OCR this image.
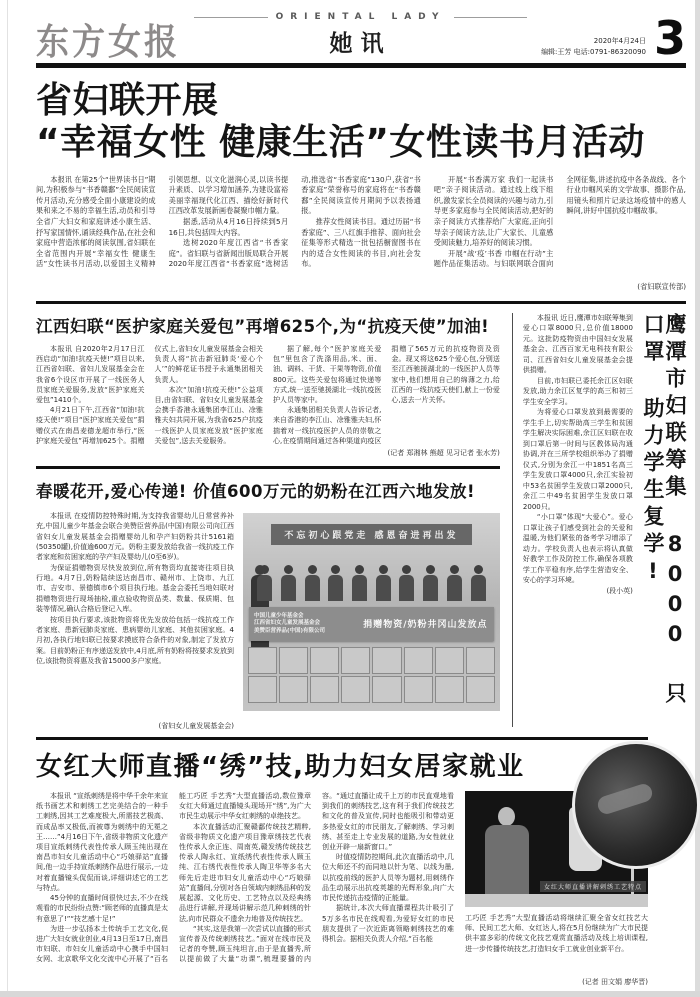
东方女报
ORIENTAL LADY
她讯	2020年4月24日
编辑:王芳 电话:0791-86320090 3
省妇联开展
“幸福女性 健康生活”女性读书月活动

本报讯 在第25个“世界读书日”期间,为积极参与“书香赣鄱”全民阅读宣传月活动,充分感受全面小康建设的成果和来之不易的幸福生活,动员和引导全省广大妇女和家庭讲述小康生活、抒写家国情怀,诵读经典作品,在社会和家庭中营造浓郁的阅读氛围,省妇联在全省范围内开展“幸福女性 健康生活”女性读书月活动,以爱国主义精神引领思想、以文化滋润心灵,以读书提升素质、以学习增加涵养,为建设富裕美丽幸福现代化江西、描绘好新时代江西改革发展新画卷凝聚巾帼力量。

据悉,活动从4月16日持续到5月16日,共包括四大内容。

选树2020年度江西省“书香家庭”。省妇联与省新闻出版局联合开展2020年度江西省“书香家庭”选树活动,推选省“书香家庭”130户,获省“书香家庭”荣誉称号的家庭将在“书香赣鄱”全民阅读宣传月期间予以表扬通报。

推荐女性阅读书目。通过历届“书香家庭”、三八红旗手推荐、面向社会征集等形式精选一批包括橱窗图书在内的适合女性阅读的书目,向社会发布。

开展“书香满万家 我们一起读书吧”亲子阅读活动。通过线上线下组织,激发家长全员阅读的兴趣与动力,引导更多家庭参与全民阅读活动,把好的亲子阅读方式推荐给广大家庭,正向引导亲子阅读方法,让广大家长、儿童感受阅读魅力,培养好的阅读习惯。

开展“战‘疫’书香 巾帼在行动”主题作品征集活动。与妇联网联合面向全网征集,讲述抗疫中各条战线、各个行业巾帼风采的文学故事、摄影作品,用镜头和照片记录这场疫情中的感人瞬间,讲好中国抗疫巾帼故事。

(省妇联宣传部)

江西妇联“医护家庭关爱包”再增625个,为“抗疫天使”加油!

本报讯 自2020年2月17日江西启动“加油!抗疫天使!”项目以来,江西省妇联、省妇儿发展基金会在我省6个设区市开展了一线医务人员家庭关爱服务,发放“医护家庭关爱包”1410个。

4月21日下午,江西省“加油!抗疫天使!”项目“医护家庭关爱包”捐赠仪式在南昌麦德龙超市举行,“医护家庭关爱包”再增加625个。捐赠仪式上,省妇女儿童发展基金会相关负责人将“抗击新冠肺炎‘爱心个人’”的鲜花证书授予永通集团相关负责人。

本次“加油!抗疫天使!”公益项目,由省妇联、省妇女儿童发展基金会携手香港永通集团李江山、凃雅雅夫妇共同开展,为我省625户抗疫一线医护人员家庭发放“医护家庭关爱包”,送去关爱服务。

据了解,每个“医护家庭关爱包”里包含了洗涤用品,米、面、油、调料、干货、干果等物资,价值800元。这些关爱包将通过快递等方式,统一送至驰援湖北一线抗疫医护人员等家中。

永通集团相关负责人告诉记者,来自香港的李江山、凃雅雅夫妇,怀揣着对一线抗疫医护人员的崇敬之心,在疫情期间通过各种渠道向疫区捐赠了565万元的抗疫物资及资金。现又将这625个爱心包,分别送至江西驰援湖北的一线医护人员等家中,他们想用自己的绵薄之力,给江西的一线抗疫天使们,献上一份爱心,送去一片关怀。

(记者 郑湘林 熊超 见习记者 张水芳)

春暖花开,爱心传递! 价值600万元的奶粉在江西六地发放!

本报讯 在疫情防控特殊时期,为支持我省婴幼儿日常营养补充,中国儿童少年基金会联合美赞臣营养品(中国)有限公司向江西省妇女儿童发展基金会捐赠婴幼儿和孕产妇奶粉共计5161箱(50350罐),价值逾600万元。奶粉主要发放给我省一线抗疫工作者家庭和贫困家庭的孕产妇及婴幼儿(0至6岁)。

为保证捐赠物资尽快发放到位,所有物资均直接寄往项目执行地。4月7日,奶粉陆续送达南昌市、赣州市、上饶市、九江市、吉安市、景德镇市6个项目执行地。基金会委托当地妇联对捐赠物资进行现场抽检,重点验收物资品类、数量、保质期、包装等情况,确认合格后登记入库。

按项目执行要求,该批物资将优先发放给包括一线抗疫工作者家庭、患新冠肺炎家庭、患病婴幼儿家庭、其他贫困家庭。4月初,各执行地妇联已按要求摸底符合条件的对象,制定了发放方案。目前奶粉正有序递送发放中,4月底,所有奶粉将按要求发放到位,该批物资将惠及我省15000多户家庭。

(省妇女儿童发展基金会)

不忘初心跟党走 感恩奋进再出发
中国儿童少年基金会
江西省妇女儿童发展基金会
美赞臣营养品(中国)有限公司
捐赠物资/奶粉井冈山发放点

本报讯 近日,鹰潭市妇联筹集到爱心口罩8000只,总价值18000元。这批防疫物资由中国妇女发展基金会、江西百家无电科技有限公司、江西省妇女儿童发展基金会提供捐赠。

目前,市妇联已委托余江区妇联发放,助力余江区复学的高三和初三学生安全学习。

为将爱心口罩发放到最需要的学生手上,切实帮助高三学生和贫困学生解决实际困难,余江区妇联在收到口罩后第一时间与区教体局沟通协调,并在三所学校组织举办了捐赠仪式,分别为余江一中1851名高三学生发放口罩4000只,余江实验初中53名贫困学生发放口罩2000只,余江二中49名贫困学生发放口罩2000只。

“小口罩”体现“大爱心”。爱心口罩让孩子们感受到社会的关爱和温暖,为他们紧张的备考学习增添了动力。学校负责人也表示将认真做好教学工作及防控工作,确保各项教学工作平稳有序,给学生营造安全、安心的学习环境。

(段小英)	鹰潭市妇联筹集 8000 只口罩 助力学生复学!
女红大师直播“绣”技,助力妇女居家就业

本报讯 “宣纸刺绣是将中华千余年来宣纸书画艺术和刺绣工艺完美结合的一种手工刺绣,因其工艺难度极大,所需技艺极高、而成品率又极低,而被尊为刺绣中的无冕之王……”4月16日下午,省级非物质文化遗产项目宣纸刺绣代表性传承人顾玉纯出现在南昌市妇女儿童活动中心“巧娘驿站”直播间,他一边手持宣纸刺绣作品进行展示,一边对着直播镜头侃侃而谈,详细讲述它的工艺与特点。

45分钟的直播时间很快过去,不少在线观看的市民纷纷点赞:“顾老师的直播真是太有意思了!”“技艺感十足!”

为进一步弘扬本土传统手工艺文化,促进广大妇女就业创业,4月13日至17日,南昌市妇联、市妇女儿童活动中心携手中国妇女网、北京歌华文化交流中心开展了“百名能工巧匠 手艺秀”大型直播活动,数位豫章女红大师通过直播镜头现场开“绣”,为广大市民生动展示中华女红刺绣的卓绝技艺。

本次直播活动汇聚赣鄱传统技艺精粹,省级非物质文化遗产项目豫章绣技艺代表性传承人余正连、周南英,赣发绣传统技艺传承人陶永红、宣纸绣代表性传承人顾玉纯、江右绣代表性传承人陶卫华等多名大师先后走进市妇女儿童活动中心“巧娘驿站”直播间,分别对各自领域内刺绣品种的发展起源、文化历史、工艺特点以及经典绣品进行讲解,并现场讲解示范几种刺绣的针法,向市民群众不遗余力地普及传统技艺。

“其实,这是我第一次尝试以直播的形式宣传普及传统刺绣技艺。”面对在线市民及记者的夸赞,顾玉纯坦言,由于是直播秀,所以提前做了大量“功课”,梳理要播的内容。“通过直播让成千上万的市民直观地看到我们的刺绣技艺,这有利于我们传统技艺和文化的普及宣传,同时也能吸引和带动更多热爱女红的市民朋友,了解刺绣、学习刺绣、甚至走上专业发展的道路,为女性就业创业开辟一扇新窗口。”

时值疫情防控期间,此次直播活动中,几位大师还不约而同地以针为笔、以线为墨,以抗疫前线的医护人员等为题材,用刺绣作品生动展示出抗疫英雄的光辉形象,向广大市民传递抗击疫情的正能量。

据统计,本次大师直播课程共计吸引了5万多名市民在线观看,为爱好女红的市民朋友提供了一次近距离领略刺绣技艺的难得机会。据相关负责人介绍,“百名能

女红大师直播讲解刺绣工艺特点

工巧匠 手艺秀”大型直播活动将继续汇聚全省女红技艺大师、民间工艺大师、女红达人,将在5月份继续为广大市民提供丰富多彩的传统文化技艺观赏直播活动及线上培训课程,进一步传播传统技艺,打造妇女手工就业创业新平台。

(记者 田文娟 廖华晋)
